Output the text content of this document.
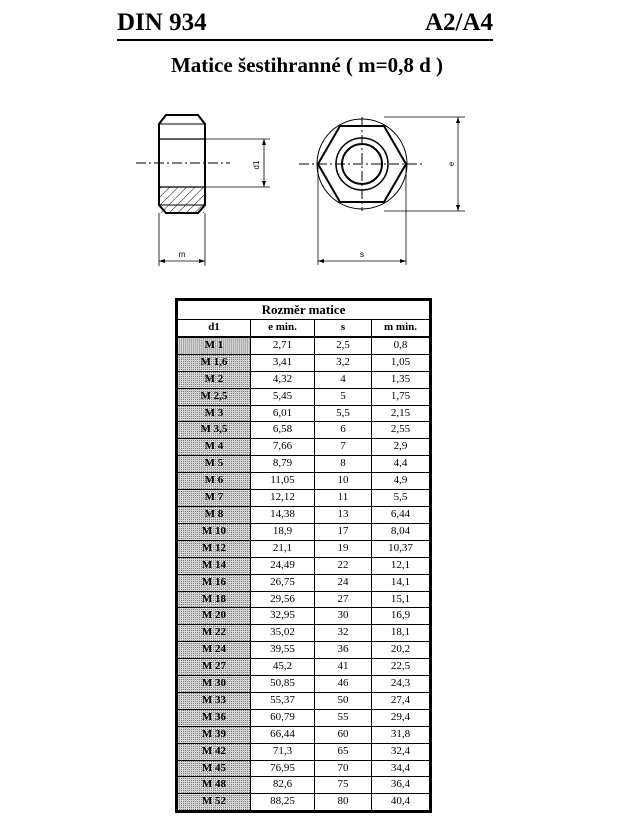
DIN 934	A2/A4
Matice šestihranné ( m=0,8 d )
m
d1
s
e
Rozměr matice			
d1	e min.	s	m min.
M 1	2,71	2,5	0,8
M 1,6	3,41	3,2	1,05
M 2	4,32	4	1,35
M 2,5	5,45	5	1,75
M 3	6,01	5,5	2,15
M 3,5	6,58	6	2,55
M 4	7,66	7	2,9
M 5	8,79	8	4,4
M 6	11,05	10	4,9
M 7	12,12	11	5,5
M 8	14,38	13	6,44
M 10	18,9	17	8,04
M 12	21,1	19	10,37
M 14	24,49	22	12,1
M 16	26,75	24	14,1
M 18	29,56	27	15,1
M 20	32,95	30	16,9
M 22	35,02	32	18,1
M 24	39,55	36	20,2
M 27	45,2	41	22,5
M 30	50,85	46	24,3
M 33	55,37	50	27,4
M 36	60,79	55	29,4
M 39	66,44	60	31,8
M 42	71,3	65	32,4
M 45	76,95	70	34,4
M 48	82,6	75	36,4
M 52	88,25	80	40,4
